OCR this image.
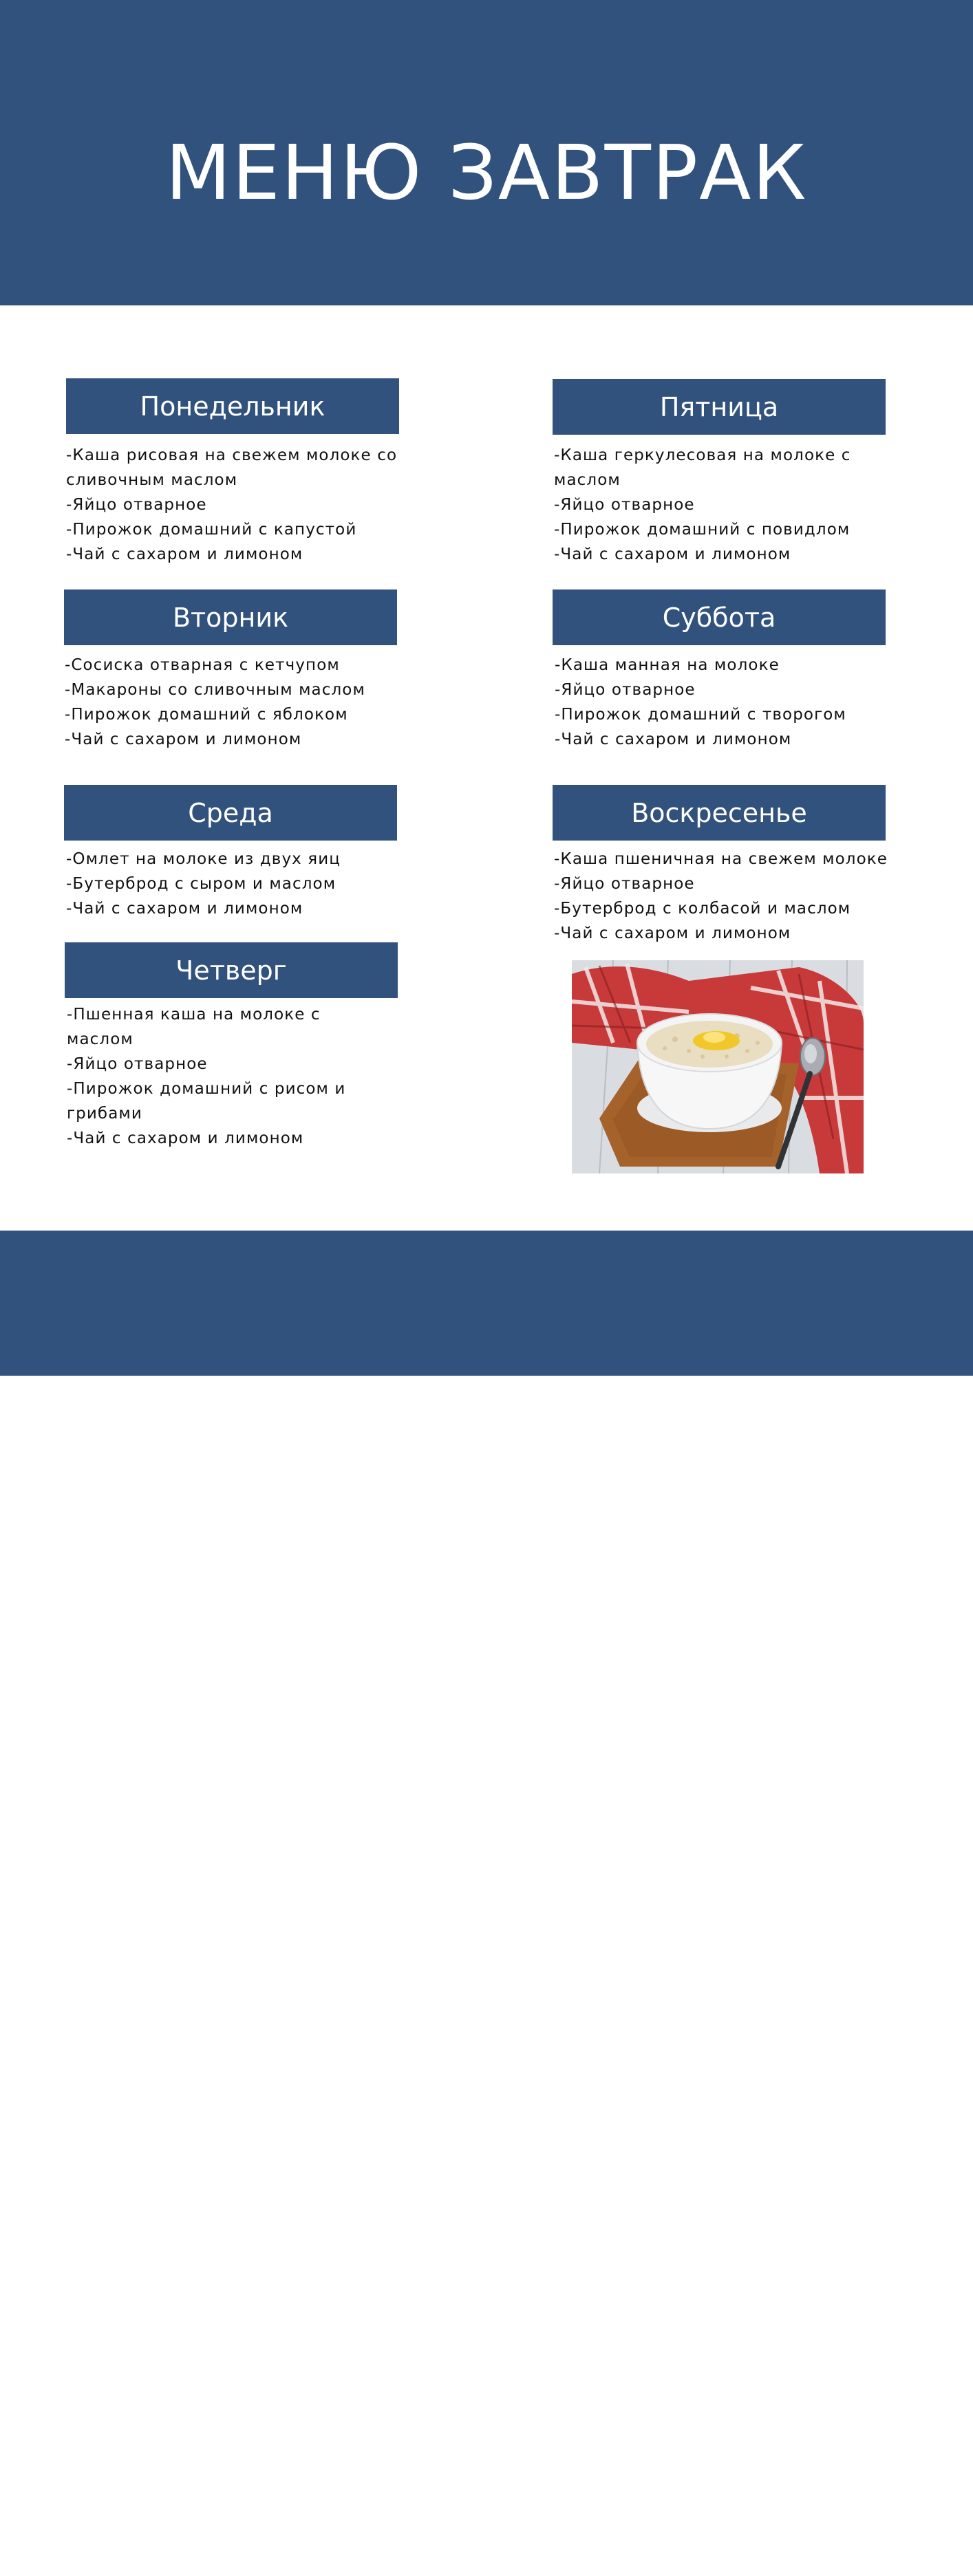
МЕНЮ ЗАВТРАК
Понедельник
-Каша рисовая на свежем молоке со сливочным маслом
-Яйцо отварное
-Пирожок домашний с капустой
-Чай с сахаром и лимоном
Вторник
-Сосиска отварная с кетчупом
-Макароны со сливочным маслом
-Пирожок домашний с яблоком
-Чай с сахаром и лимоном
Среда
-Омлет на молоке из двух яиц
-Бутерброд с сыром и маслом
-Чай с сахаром и лимоном
Четверг
-Пшенная каша на молоке с маслом
-Яйцо отварное
-Пирожок домашний с рисом и грибами
-Чай с сахаром и лимоном
Пятница
-Каша геркулесовая на молоке с маслом
-Яйцо отварное
-Пирожок домашний с повидлом
-Чай с сахаром и лимоном
Суббота
-Каша манная на молоке
-Яйцо отварное
-Пирожок домашний с творогом
-Чай с сахаром и лимоном
Воскресенье
-Каша пшеничная на свежем молоке
-Яйцо отварное
-Бутерброд с колбасой и маслом
-Чай с сахаром и лимоном
Staff Hostel
